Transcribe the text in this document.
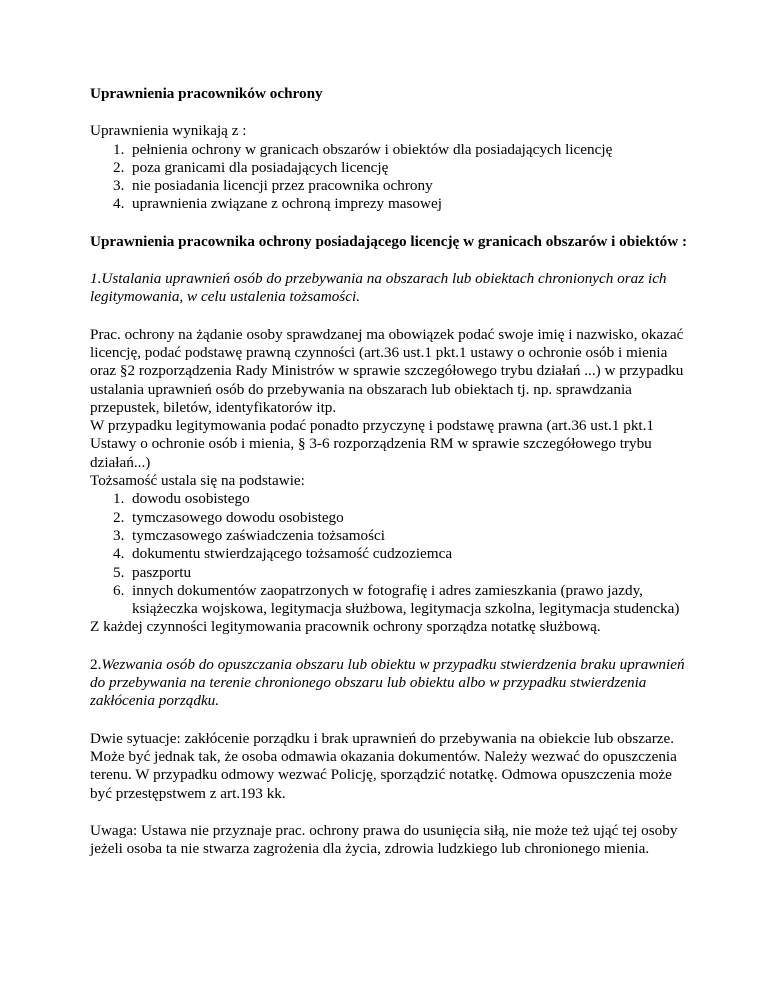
Uprawnienia pracowników ochrony

Uprawnienia wynikają z :

1. pełnienia ochrony w granicach obszarów i obiektów dla posiadających licencję
2. poza granicami dla posiadających licencję
3. nie posiadania licencji przez pracownika ochrony
4. uprawnienia związane z ochroną imprezy masowej

Uprawnienia pracownika ochrony posiadającego licencję w granicach obszarów i obiektów :

1.Ustalania uprawnień osób do przebywania na obszarach lub obiektach chronionych oraz ich legitymowania, w celu ustalenia tożsamości.

Prac. ochrony na żądanie osoby sprawdzanej ma obowiązek podać swoje imię i nazwisko, okazać licencję, podać podstawę prawną czynności (art.36 ust.1 pkt.1 ustawy o ochronie osób i mienia oraz §2 rozporządzenia Rady Ministrów w sprawie szczegółowego trybu działań ...) w przypadku ustalania uprawnień osób do przebywania na obszarach lub obiektach tj. np. sprawdzania przepustek, biletów, identyfikatorów itp.

W przypadku legitymowania podać ponadto przyczynę i podstawę prawna (art.36 ust.1 pkt.1 Ustawy o ochronie osób i mienia, § 3-6 rozporządzenia RM w sprawie szczegółowego trybu działań...)

Tożsamość ustala się na podstawie:

1. dowodu osobistego
2. tymczasowego dowodu osobistego
3. tymczasowego zaświadczenia tożsamości
4. dokumentu stwierdzającego tożsamość cudzoziemca
5. paszportu
6. innych dokumentów zaopatrzonych w fotografię i adres zamieszkania (prawo jazdy, książeczka wojskowa, legitymacja służbowa, legitymacja szkolna, legitymacja studencka)

Z każdej czynności legitymowania pracownik ochrony sporządza notatkę służbową.

2.Wezwania osób do opuszczania obszaru lub obiektu w przypadku stwierdzenia braku uprawnień do przebywania na terenie chronionego obszaru lub obiektu albo w przypadku stwierdzenia zakłócenia porządku.

Dwie sytuacje: zakłócenie porządku i brak uprawnień do przebywania na obiekcie lub obszarze.

Może być jednak tak, że osoba odmawia okazania dokumentów. Należy wezwać do opuszczenia terenu. W przypadku odmowy wezwać Policję, sporządzić notatkę. Odmowa opuszczenia może być przestępstwem z art.193 kk.

Uwaga: Ustawa nie przyznaje prac. ochrony prawa do usunięcia siłą, nie może też ująć tej osoby jeżeli osoba ta nie stwarza zagrożenia dla życia, zdrowia ludzkiego lub chronionego mienia.
